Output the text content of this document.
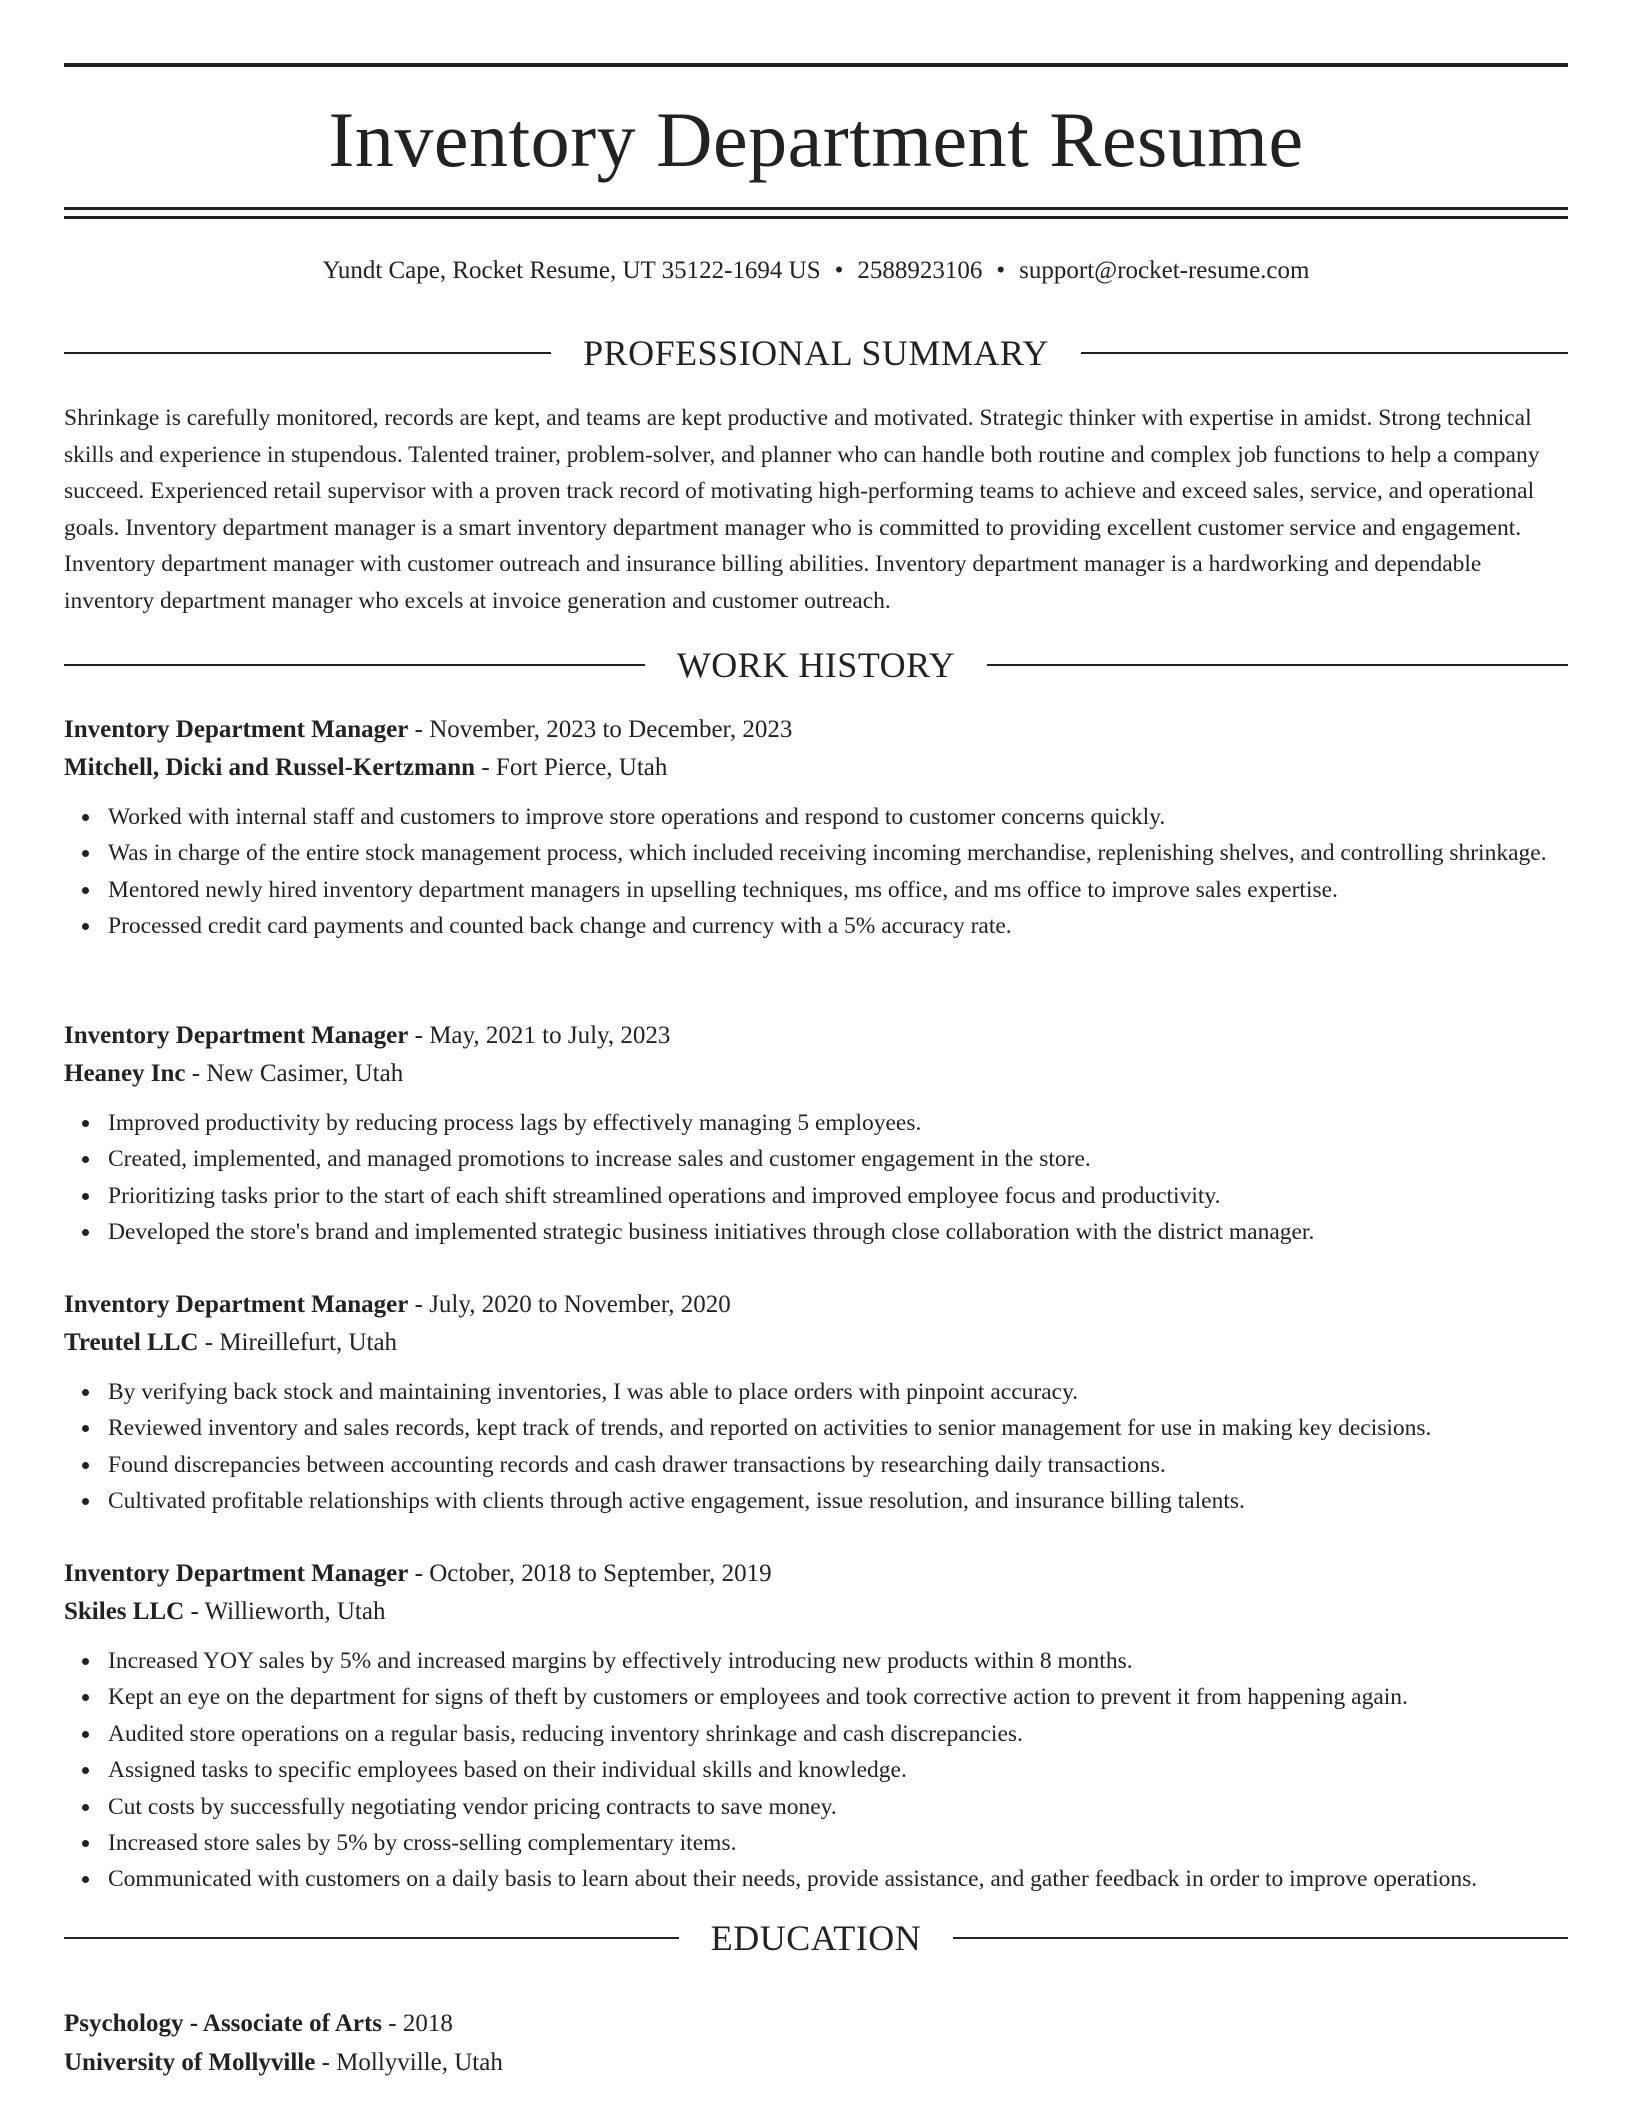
Inventory Department Resume
Yundt Cape, Rocket Resume, UT 35122-1694 US • 2588923106 • support@rocket-resume.com
PROFESSIONAL SUMMARY

Shrinkage is carefully monitored, records are kept, and teams are kept productive and motivated. Strategic thinker with expertise in amidst. Strong technical skills and experience in stupendous. Talented trainer, problem-solver, and planner who can handle both routine and complex job functions to help a company succeed. Experienced retail supervisor with a proven track record of motivating high-performing teams to achieve and exceed sales, service, and operational goals. Inventory department manager is a smart inventory department manager who is committed to providing excellent customer service and engagement. Inventory department manager with customer outreach and insurance billing abilities. Inventory department manager is a hardworking and dependable inventory department manager who excels at invoice generation and customer outreach.

WORK HISTORY
Inventory Department Manager - November, 2023 to December, 2023
Mitchell, Dicki and Russel-Kertzmann - Fort Pierce, Utah
Worked with internal staff and customers to improve store operations and respond to customer concerns quickly.
Was in charge of the entire stock management process, which included receiving incoming merchandise, replenishing shelves, and controlling shrinkage.
Mentored newly hired inventory department managers in upselling techniques, ms office, and ms office to improve sales expertise.
Processed credit card payments and counted back change and currency with a 5% accuracy rate.
Inventory Department Manager - May, 2021 to July, 2023
Heaney Inc - New Casimer, Utah
Improved productivity by reducing process lags by effectively managing 5 employees.
Created, implemented, and managed promotions to increase sales and customer engagement in the store.
Prioritizing tasks prior to the start of each shift streamlined operations and improved employee focus and productivity.
Developed the store's brand and implemented strategic business initiatives through close collaboration with the district manager.
Inventory Department Manager - July, 2020 to November, 2020
Treutel LLC - Mireillefurt, Utah
By verifying back stock and maintaining inventories, I was able to place orders with pinpoint accuracy.
Reviewed inventory and sales records, kept track of trends, and reported on activities to senior management for use in making key decisions.
Found discrepancies between accounting records and cash drawer transactions by researching daily transactions.
Cultivated profitable relationships with clients through active engagement, issue resolution, and insurance billing talents.
Inventory Department Manager - October, 2018 to September, 2019
Skiles LLC - Willieworth, Utah
Increased YOY sales by 5% and increased margins by effectively introducing new products within 8 months.
Kept an eye on the department for signs of theft by customers or employees and took corrective action to prevent it from happening again.
Audited store operations on a regular basis, reducing inventory shrinkage and cash discrepancies.
Assigned tasks to specific employees based on their individual skills and knowledge.
Cut costs by successfully negotiating vendor pricing contracts to save money.
Increased store sales by 5% by cross-selling complementary items.
Communicated with customers on a daily basis to learn about their needs, provide assistance, and gather feedback in order to improve operations.
EDUCATION
Psychology - Associate of Arts - 2018
University of Mollyville - Mollyville, Utah
